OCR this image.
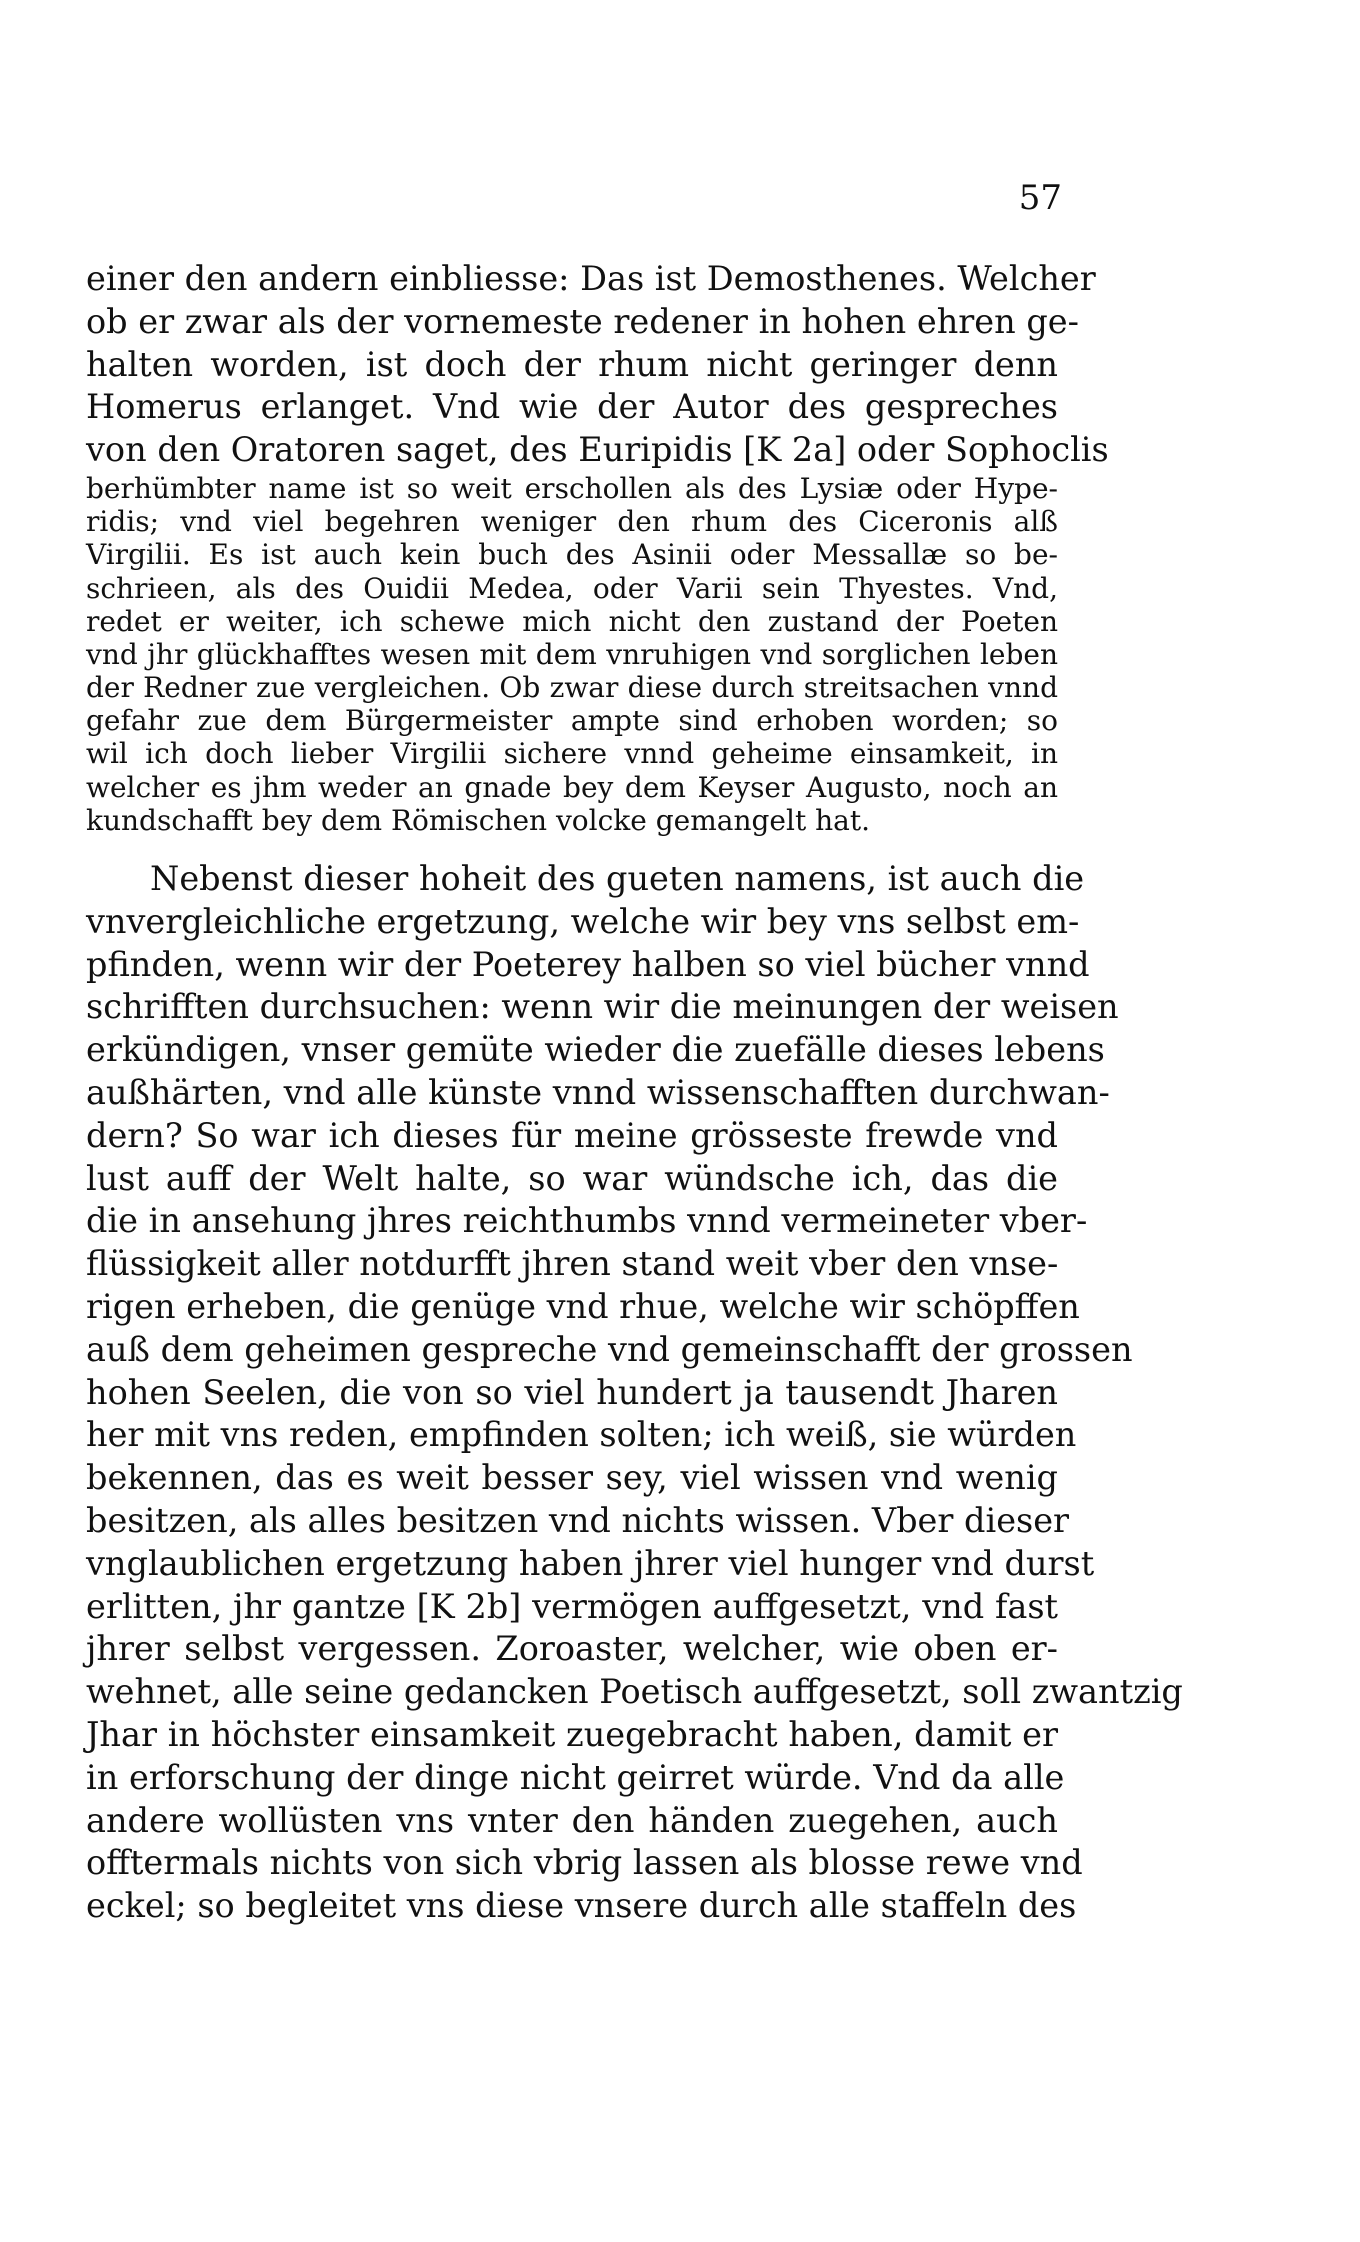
57
einer den andern einbliesse: Das ist Demosthenes. Welcher
ob er zwar als der vornemeste redener in hohen ehren ge-
halten worden, ist doch der rhum nicht geringer denn
Homerus erlanget. Vnd wie der Autor des gespreches
von den Oratoren saget, des Euripidis [K 2a] oder Sophoclis
berhümbter name ist so weit erschollen als des Lysiæ oder Hype-
ridis; vnd viel begehren weniger den rhum des Ciceronis alß
Virgilii. Es ist auch kein buch des Asinii oder Messallæ so be-
schrieen, als des Ouidii Medea, oder Varii sein Thyestes. Vnd,
redet er weiter, ich schewe mich nicht den zustand der Poeten
vnd jhr glückhafftes wesen mit dem vnruhigen vnd sorglichen leben
der Redner zue vergleichen. Ob zwar diese durch streitsachen vnnd
gefahr zue dem Bürgermeister ampte sind erhoben worden; so
wil ich doch lieber Virgilii sichere vnnd geheime einsamkeit, in
welcher es jhm weder an gnade bey dem Keyser Augusto, noch an
kundschafft bey dem Römischen volcke gemangelt hat.
Nebenst dieser hoheit des gueten namens, ist auch die
vnvergleichliche ergetzung, welche wir bey vns selbst em-
pfinden, wenn wir der Poeterey halben so viel bücher vnnd
schrifften durchsuchen: wenn wir die meinungen der weisen
erkündigen, vnser gemüte wieder die zuefälle dieses lebens
außhärten, vnd alle künste vnnd wissenschafften durchwan-
dern? So war ich dieses für meine grösseste frewde vnd
lust auff der Welt halte, so war wündsche ich, das die
die in ansehung jhres reichthumbs vnnd vermeineter vber-
flüssigkeit aller notdurfft jhren stand weit vber den vnse-
rigen erheben, die genüge vnd rhue, welche wir schöpffen
auß dem geheimen gespreche vnd gemeinschafft der grossen
hohen Seelen, die von so viel hundert ja tausendt Jharen
her mit vns reden, empfinden solten; ich weiß, sie würden
bekennen, das es weit besser sey, viel wissen vnd wenig
besitzen, als alles besitzen vnd nichts wissen. Vber dieser
vnglaublichen ergetzung haben jhrer viel hunger vnd durst
erlitten, jhr gantze [K 2b] vermögen auffgesetzt, vnd fast
jhrer selbst vergessen. Zoroaster, welcher, wie oben er-
wehnet, alle seine gedancken Poetisch auffgesetzt, soll zwantzig
Jhar in höchster einsamkeit zuegebracht haben, damit er
in erforschung der dinge nicht geirret würde. Vnd da alle
andere wollüsten vns vnter den händen zuegehen, auch
offtermals nichts von sich vbrig lassen als blosse rewe vnd
eckel; so begleitet vns diese vnsere durch alle staffeln des
